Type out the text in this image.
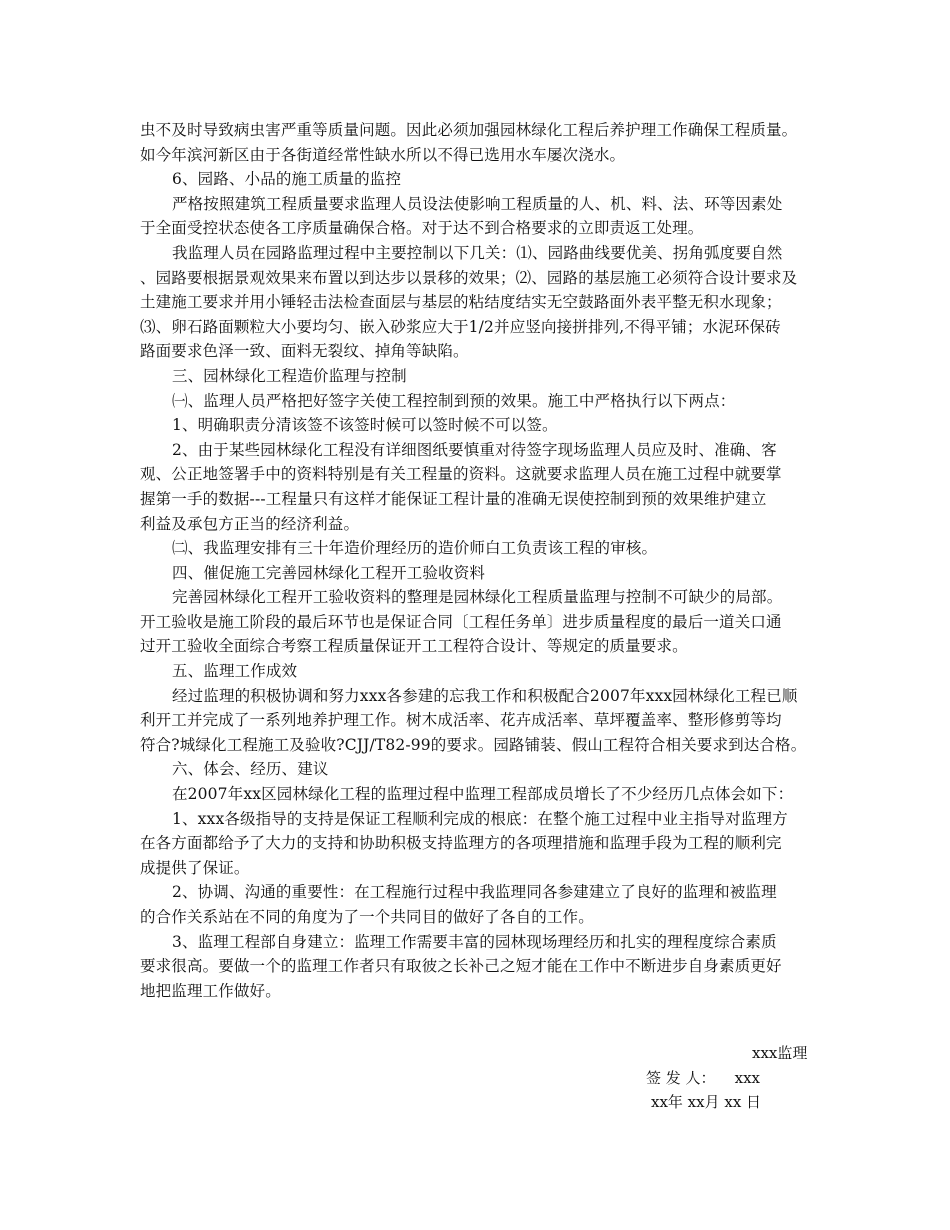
虫不及时导致病虫害严重等质量问题。因此必须加强园林绿化工程后养护理工作确保工程质量。
如今年滨河新区由于各街道经常性缺水所以不得已选用水车屡次浇水。
6、园路、小品的施工质量的监控
严格按照建筑工程质量要求监理人员设法使影响工程质量的人、机、料、法、环等因素处
于全面受控状态使各工序质量确保合格。对于达不到合格要求的立即责返工处理。
我监理人员在园路监理过程中主要控制以下几关：⑴、园路曲线要优美、拐角弧度要自然
、园路要根据景观效果来布置以到达步以景移的效果；⑵、园路的基层施工必须符合设计要求及
土建施工要求并用小锤轻击法检查面层与基层的粘结度结实无空鼓路面外表平整无积水现象；
⑶、卵石路面颗粒大小要均匀、嵌入砂浆应大于1/2并应竖向接拼排列,不得平铺；水泥环保砖
路面要求色泽一致、面料无裂纹、掉角等缺陷。
三、园林绿化工程造价监理与控制
㈠、监理人员严格把好签字关使工程控制到预的效果。施工中严格执行以下两点：
1、明确职责分清该签不该签时候可以签时候不可以签。
2、由于某些园林绿化工程没有详细图纸要慎重对待签字现场监理人员应及时、准确、客
观、公正地签署手中的资料特别是有关工程量的资料。这就要求监理人员在施工过程中就要掌
握第一手的数据---工程量只有这样才能保证工程计量的准确无误使控制到预的效果维护建立
利益及承包方正当的经济利益。
㈡、我监理安排有三十年造价理经历的造价师白工负责该工程的审核。
四、催促施工完善园林绿化工程开工验收资料
完善园林绿化工程开工验收资料的整理是园林绿化工程质量监理与控制不可缺少的局部。
开工验收是施工阶段的最后环节也是保证合同〔工程任务单〕进步质量程度的最后一道关口通
过开工验收全面综合考察工程质量保证开工工程符合设计、等规定的质量要求。
五、监理工作成效
经过监理的积极协调和努力xxx各参建的忘我工作和积极配合2007年xxx园林绿化工程已顺
利开工并完成了一系列地养护理工作。树木成活率、花卉成活率、草坪覆盖率、整形修剪等均
符合?城绿化工程施工及验收?CJJ/T82-99的要求。园路铺装、假山工程符合相关要求到达合格。
六、体会、经历、建议
在2007年xx区园林绿化工程的监理过程中监理工程部成员增长了不少经历几点体会如下：
1、xxx各级指导的支持是保证工程顺利完成的根底：在整个施工过程中业主指导对监理方
在各方面都给予了大力的支持和协助积极支持监理方的各项理措施和监理手段为工程的顺利完
成提供了保证。
2、协调、沟通的重要性：在工程施行过程中我监理同各参建建立了良好的监理和被监理
的合作关系站在不同的角度为了一个共同目的做好了各自的工作。
3、监理工程部自身建立：监理工作需要丰富的园林现场理经历和扎实的理程度综合素质
要求很高。要做一个的监理工作者只有取彼之长补己之短才能在工作中不断进步自身素质更好
地把监理工作做好。
xxx监理
签 发 人：    xxx
xx年 xx月 xx 日
